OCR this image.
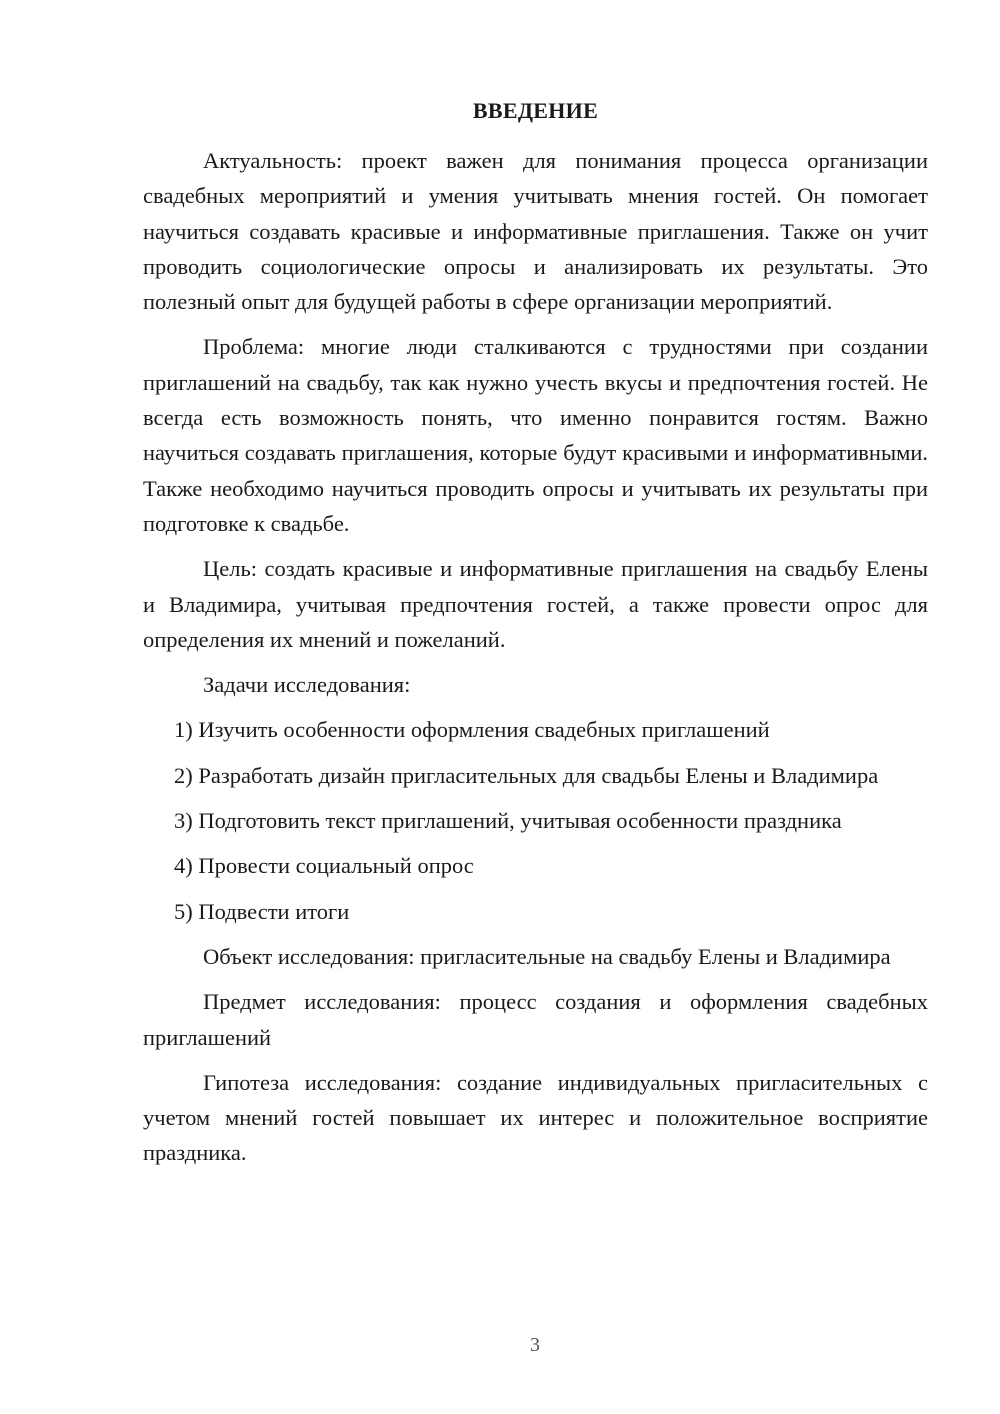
ВВЕДЕНИЕ

Актуальность: проект важен для понимания процесса организации свадебных мероприятий и умения учитывать мнения гостей. Он помогает научиться создавать красивые и информативные приглашения. Также он учит проводить социологические опросы и анализировать их результаты. Это полезный опыт для будущей работы в сфере организации мероприятий.

Проблема: многие люди сталкиваются с трудностями при создании приглашений на свадьбу, так как нужно учесть вкусы и предпочтения гостей. Не всегда есть возможность понять, что именно понравится гостям. Важно научиться создавать приглашения, которые будут красивыми и информативными. Также необходимо научиться проводить опросы и учитывать их результаты при подготовке к свадьбе.

Цель: создать красивые и информативные приглашения на свадьбу Елены и Владимира, учитывая предпочтения гостей, а также провести опрос для определения их мнений и пожеланий.

Задачи исследования:

1) Изучить особенности оформления свадебных приглашений

2) Разработать дизайн пригласительных для свадьбы Елены и Владимира

3) Подготовить текст приглашений, учитывая особенности праздника

4) Провести социальный опрос

5) Подвести итоги

Объект исследования: пригласительные на свадьбу Елены и Владимира

Предмет исследования: процесс создания и оформления свадебных приглашений

Гипотеза исследования: создание индивидуальных пригласительных с учетом мнений гостей повышает их интерес и положительное восприятие праздника.

3
